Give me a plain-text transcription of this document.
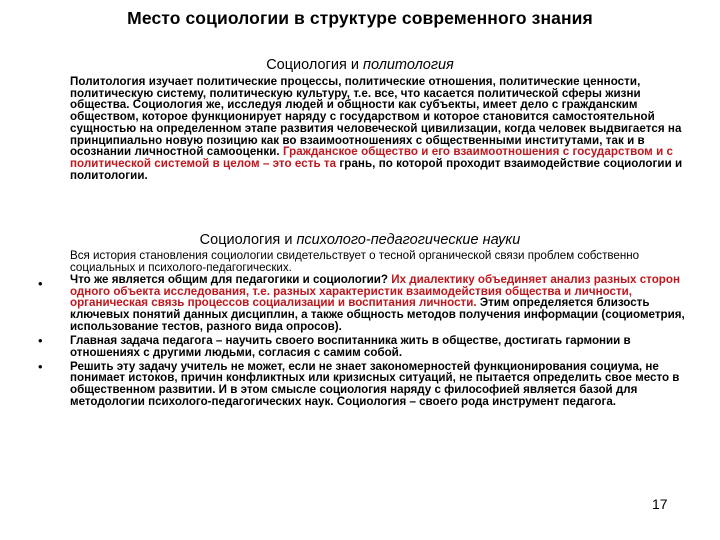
Место социологии в структуре современного знания
Социология и политология
Политология изучает политические процессы, политические отношения, политические ценности, политическую систему, политическую культуру, т.е. все, что касается политической сферы жизни общества. Социология же, исследуя людей и общности как субъекты, имеет дело с гражданским обществом, которое функционирует наряду с государством и которое становится самостоятельной сущностью на определенном этапе развития человеческой цивилизации, когда человек выдвигается на принципиально новую позицию как во взаимоотношениях с общественными институтами, так и в осознании личностной самооценки. Гражданское общество и его взаимоотношения с государством и с политической системой в целом – это есть та грань, по которой проходит взаимодействие социологии и политологии.
Социология и психолого-педагогические науки
Вся история становления социологии свидетельствует о тесной органической связи проблем собственно социальных и психолого-педагогических.
• Что же является общим для педагогики и социологии? Их диалектику объединяет анализ разных сторон одного объекта исследования, т.е. разных характеристик взаимодействия общества и личности, органическая связь процессов социализации и воспитания личности. Этим определяется близость ключевых понятий данных дисциплин, а также общность методов получения информации (социометрия, использование тестов, разного вида опросов).
• Главная задача педагога – научить своего воспитанника жить в обществе, достигать гармонии в отношениях с другими людьми, согласия с самим собой.
• Решить эту задачу учитель не может, если не знает закономерностей функционирования социума, не понимает истоков, причин конфликтных или кризисных ситуаций, не пытается определить свое место в общественном развитии. И в этом смысле социология наряду с философией является базой для методологии психолого-педагогических наук. Социология – своего рода инструмент педагога.
17
